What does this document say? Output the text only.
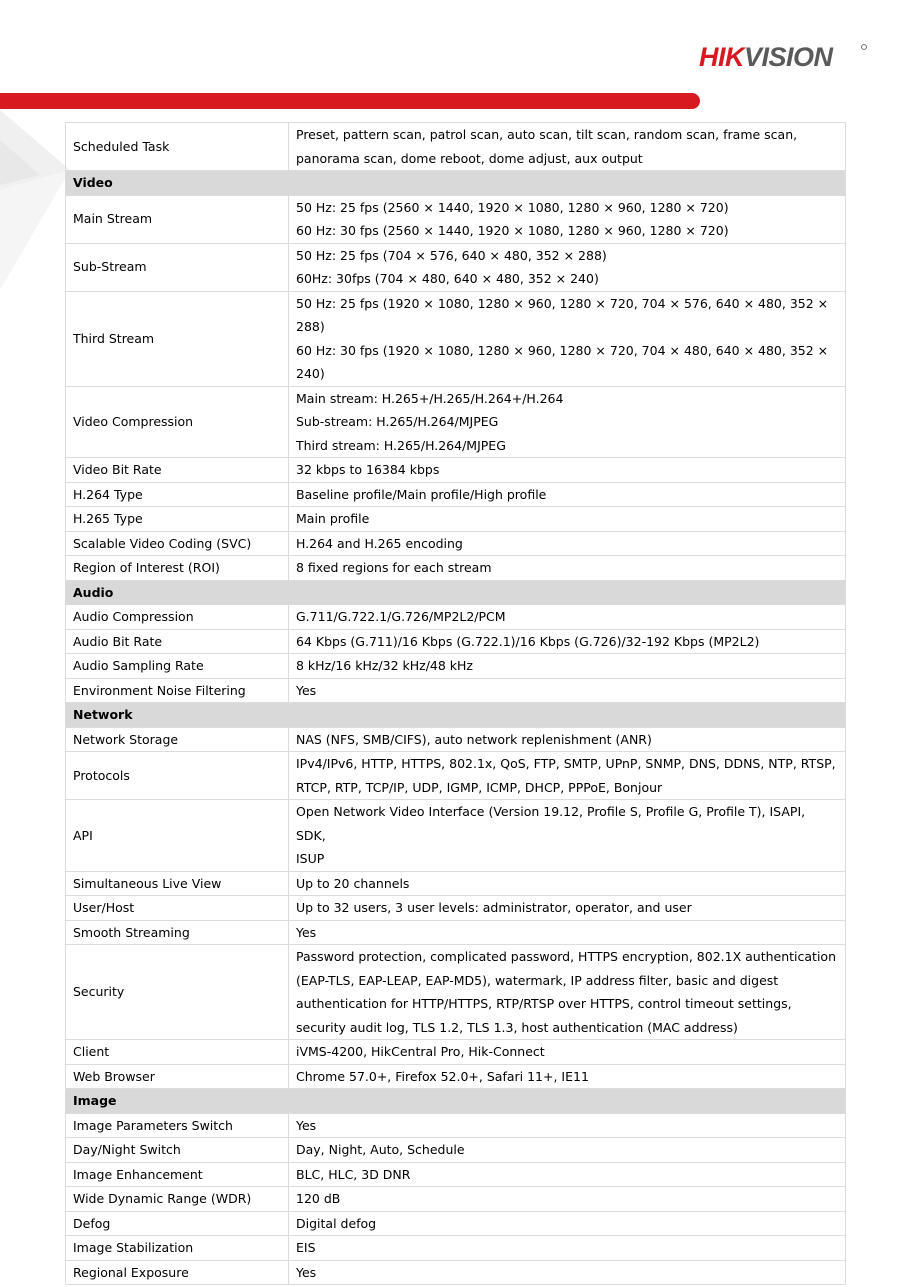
HIKVISION
Scheduled Task	Preset, pattern scan, patrol scan, auto scan, tilt scan, random scan, frame scan,
panorama scan, dome reboot, dome adjust, aux output

Video	
Main Stream	50 Hz: 25 fps (2560 × 1440, 1920 × 1080, 1280 × 960, 1280 × 720)
60 Hz: 30 fps (2560 × 1440, 1920 × 1080, 1280 × 960, 1280 × 720)

Sub-Stream	50 Hz: 25 fps (704 × 576, 640 × 480, 352 × 288)
60Hz: 30fps (704 × 480, 640 × 480, 352 × 240)

Third Stream	50 Hz: 25 fps (1920 × 1080, 1280 × 960, 1280 × 720, 704 × 576, 640 × 480, 352 × 288)
60 Hz: 30 fps (1920 × 1080, 1280 × 960, 1280 × 720, 704 × 480, 640 × 480, 352 × 240)

Video Compression	Main stream: H.265+/H.265/H.264+/H.264
Sub-stream: H.265/H.264/MJPEG
Third stream: H.265/H.264/MJPEG

Video Bit Rate	32 kbps to 16384 kbps

H.264 Type	Baseline profile/Main profile/High profile

H.265 Type	Main profile

Scalable Video Coding (SVC)	H.264 and H.265 encoding

Region of Interest (ROI)	8 fixed regions for each stream

Audio	
Audio Compression	G.711/G.722.1/G.726/MP2L2/PCM

Audio Bit Rate	64 Kbps (G.711)/16 Kbps (G.722.1)/16 Kbps (G.726)/32-192 Kbps (MP2L2)

Audio Sampling Rate	8 kHz/16 kHz/32 kHz/48 kHz

Environment Noise Filtering	Yes

Network	
Network Storage	NAS (NFS, SMB/CIFS), auto network replenishment (ANR)

Protocols	IPv4/IPv6, HTTP, HTTPS, 802.1x, QoS, FTP, SMTP, UPnP, SNMP, DNS, DDNS, NTP, RTSP,
RTCP, RTP, TCP/IP, UDP, IGMP, ICMP, DHCP, PPPoE, Bonjour

API	Open Network Video Interface (Version 19.12, Profile S, Profile G, Profile T), ISAPI, SDK,
ISUP

Simultaneous Live View	Up to 20 channels

User/Host	Up to 32 users, 3 user levels: administrator, operator, and user

Smooth Streaming	Yes

Security	Password protection, complicated password, HTTPS encryption, 802.1X authentication
(EAP-TLS, EAP-LEAP, EAP-MD5), watermark, IP address filter, basic and digest
authentication for HTTP/HTTPS, RTP/RTSP over HTTPS, control timeout settings,
security audit log, TLS 1.2, TLS 1.3, host authentication (MAC address)

Client	iVMS-4200, HikCentral Pro, Hik-Connect

Web Browser	Chrome 57.0+, Firefox 52.0+, Safari 11+, IE11

Image	
Image Parameters Switch	Yes

Day/Night Switch	Day, Night, Auto, Schedule

Image Enhancement	BLC, HLC, 3D DNR

Wide Dynamic Range (WDR)	120 dB

Defog	Digital defog

Image Stabilization	EIS

Regional Exposure	Yes
